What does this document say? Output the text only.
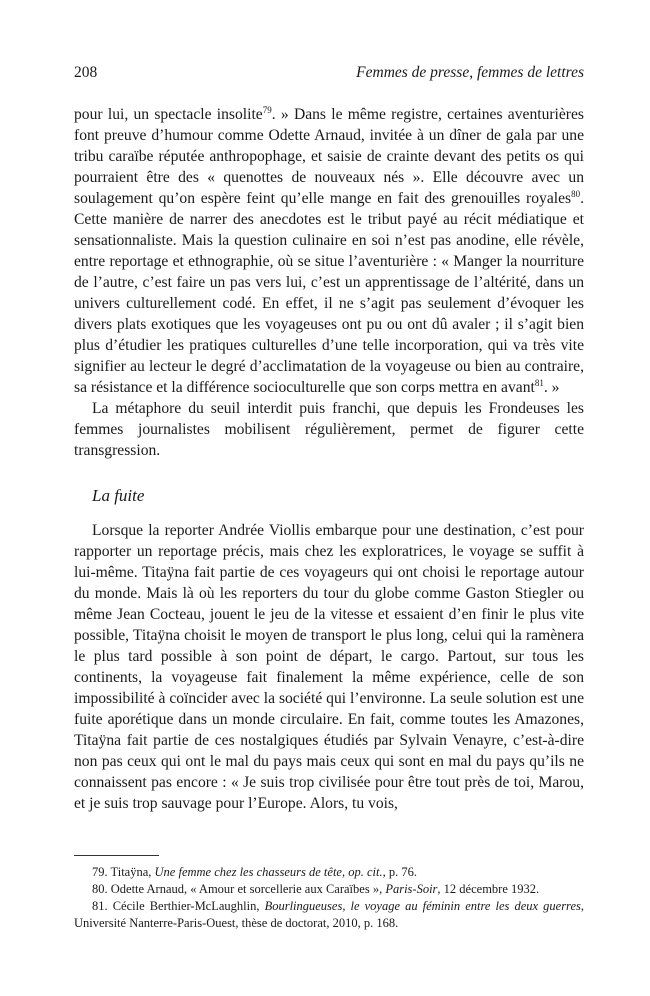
208	Femmes de presse, femmes de lettres

pour lui, un spectacle insolite$^{79}$. » Dans le même registre, certaines aventurières font preuve d’humour comme Odette Arnaud, invitée à un dîner de gala par une tribu caraïbe réputée anthropophage, et saisie de crainte devant des petits os qui pourraient être des « quenottes de nouveaux nés ». Elle découvre avec un soulagement qu’on espère feint qu’elle mange en fait des grenouilles royales$^{80}$. Cette manière de narrer des anecdotes est le tribut payé au récit médiatique et sensationnaliste. Mais la question culinaire en soi n’est pas anodine, elle révèle, entre reportage et ethnographie, où se situe l’aventurière : « Manger la nourriture de l’autre, c’est faire un pas vers lui, c’est un apprentissage de l’altérité, dans un univers culturellement codé. En effet, il ne s’agit pas seulement d’évoquer les divers plats exotiques que les voyageuses ont pu ou ont dû avaler ; il s’agit bien plus d’étudier les pratiques culturelles d’une telle incorporation, qui va très vite signifier au lecteur le degré d’acclimatation de la voyageuse ou bien au contraire, sa résistance et la différence socioculturelle que son corps mettra en avant$^{81}$. »

La métaphore du seuil interdit puis franchi, que depuis les Frondeuses les femmes journalistes mobilisent régulièrement, permet de figurer cette transgression.

La fuite

Lorsque la reporter Andrée Viollis embarque pour une destination, c’est pour rapporter un reportage précis, mais chez les exploratrices, le voyage se suffit à lui-même. Titaÿna fait partie de ces voyageurs qui ont choisi le reportage autour du monde. Mais là où les reporters du tour du globe comme Gaston Stiegler ou même Jean Cocteau, jouent le jeu de la vitesse et essaient d’en finir le plus vite possible, Titaÿna choisit le moyen de transport le plus long, celui qui la ramènera le plus tard possible à son point de départ, le cargo. Partout, sur tous les continents, la voyageuse fait finalement la même expérience, celle de son impossibilité à coïncider avec la société qui l’environne. La seule solution est une fuite aporétique dans un monde circulaire. En fait, comme toutes les Amazones, Titaÿna fait partie de ces nostalgiques étudiés par Sylvain Venayre, c’est-à-dire non pas ceux qui ont le mal du pays mais ceux qui sont en mal du pays qu’ils ne connaissent pas encore : « Je suis trop civilisée pour être tout près de toi, Marou, et je suis trop sauvage pour l’Europe. Alors, tu vois,

79. Titaÿna, Une femme chez les chasseurs de tête, op. cit., p. 76.

80. Odette Arnaud, « Amour et sorcellerie aux Caraïbes », Paris-Soir, 12 décembre 1932.

81. Cécile Berthier-McLaughlin, Bourlingueuses, le voyage au féminin entre les deux guerres, Université Nanterre-Paris-Ouest, thèse de doctorat, 2010, p. 168.
